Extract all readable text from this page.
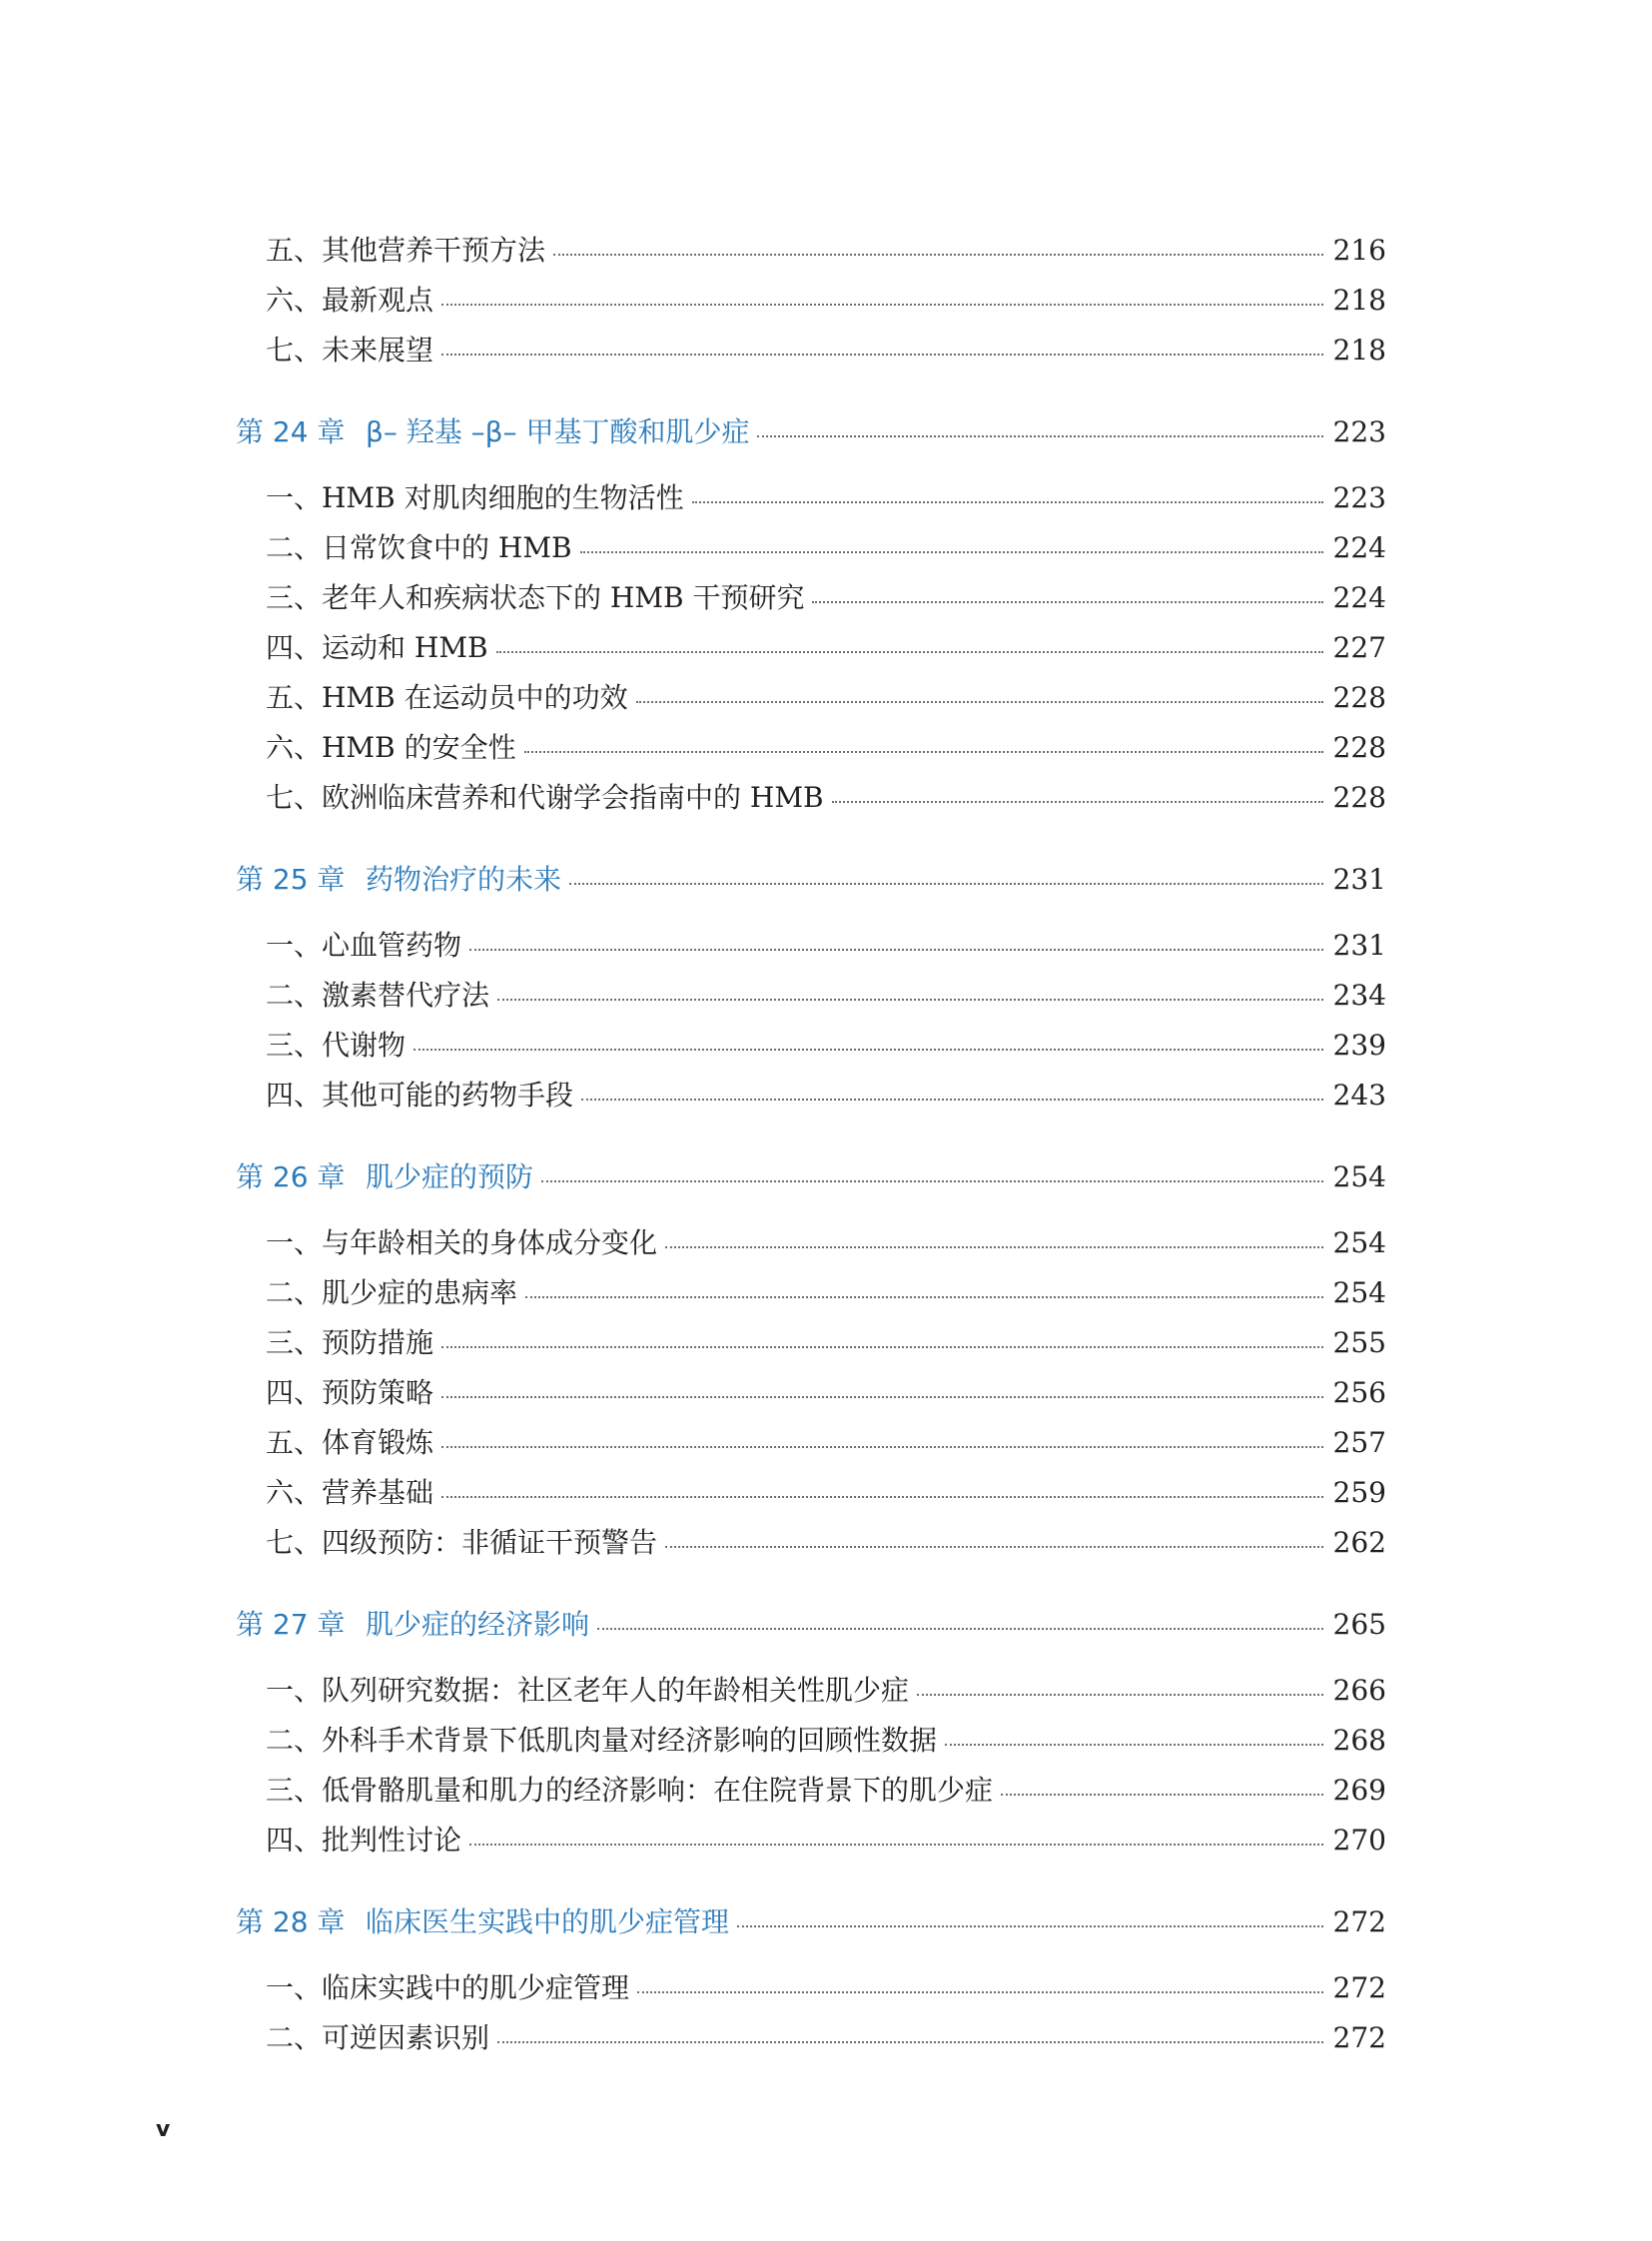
五、其他营养干预方法	216
六、最新观点	218
七、未来展望	218
第 24 章 β– 羟基 –β– 甲基丁酸和肌少症	223
一、HMB 对肌肉细胞的生物活性	223
二、日常饮食中的 HMB	224
三、老年人和疾病状态下的 HMB 干预研究	224
四、运动和 HMB	227
五、HMB 在运动员中的功效	228
六、HMB 的安全性	228
七、欧洲临床营养和代谢学会指南中的 HMB	228
第 25 章 药物治疗的未来	231
一、心血管药物	231
二、激素替代疗法	234
三、代谢物	239
四、其他可能的药物手段	243
第 26 章 肌少症的预防	254
一、与年龄相关的身体成分变化	254
二、肌少症的患病率	254
三、预防措施	255
四、预防策略	256
五、体育锻炼	257
六、营养基础	259
七、四级预防：非循证干预警告	262
第 27 章 肌少症的经济影响	265
一、队列研究数据：社区老年人的年龄相关性肌少症	266
二、外科手术背景下低肌肉量对经济影响的回顾性数据	268
三、低骨骼肌量和肌力的经济影响：在住院背景下的肌少症	269
四、批判性讨论	270
第 28 章 临床医生实践中的肌少症管理	272
一、临床实践中的肌少症管理	272
二、可逆因素识别	272
v
